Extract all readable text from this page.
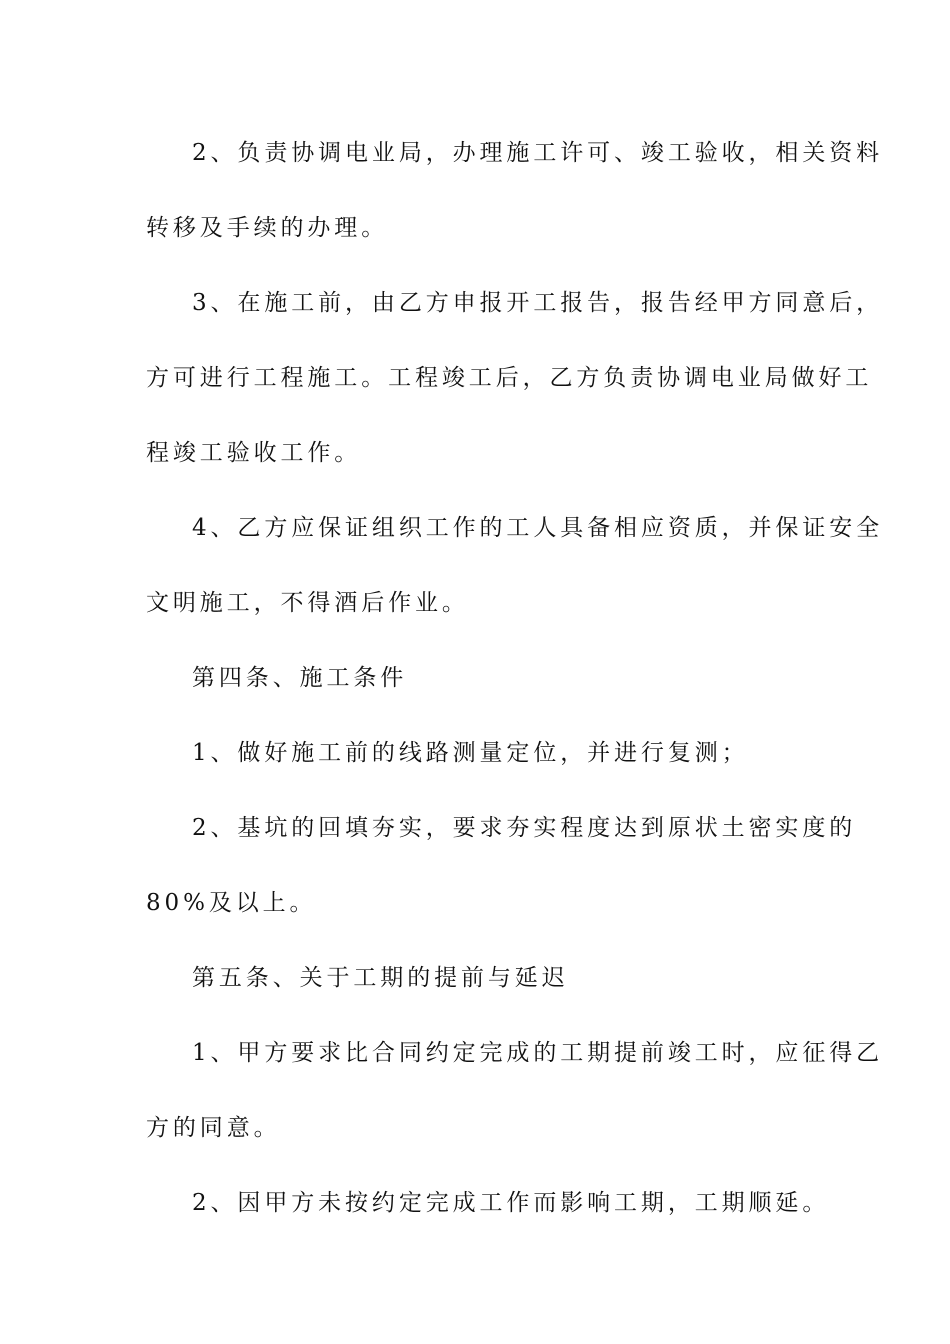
2、负责协调电业局，办理施工许可、竣工验收，相关资料
转移及手续的办理。

3、在施工前，由乙方申报开工报告，报告经甲方同意后，
方可进行工程施工。工程竣工后，乙方负责协调电业局做好工
程竣工验收工作。

4、乙方应保证组织工作的工人具备相应资质，并保证安全
文明施工，不得酒后作业。

第四条、施工条件

1、做好施工前的线路测量定位，并进行复测；

2、基坑的回填夯实，要求夯实程度达到原状土密实度的
80%及以上。

第五条、关于工期的提前与延迟

1、甲方要求比合同约定完成的工期提前竣工时，应征得乙
方的同意。

2、因甲方未按约定完成工作而影响工期，工期顺延。
